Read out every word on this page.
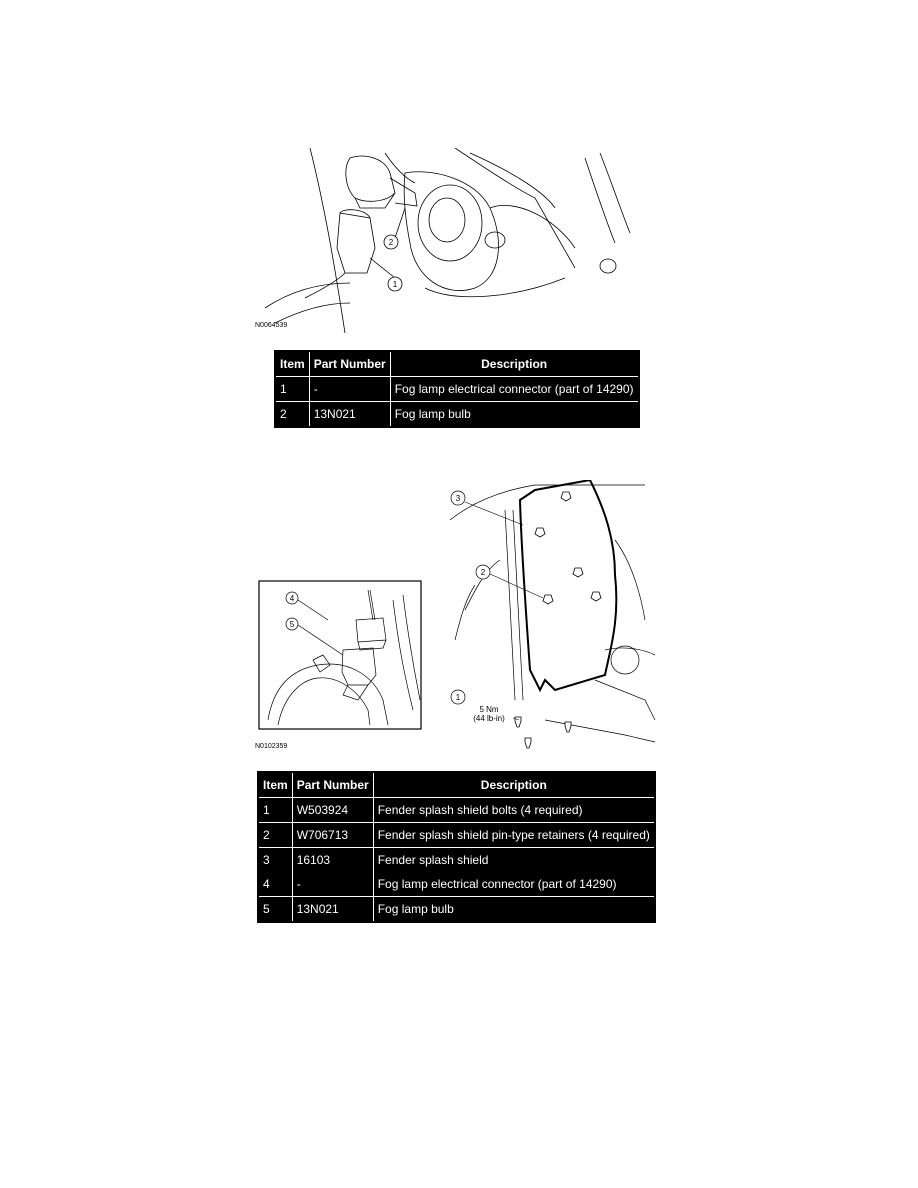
2
1
N0064539
Item	Part Number	Description
1	-	Fog lamp electrical connector (part of 14290)
2	13N021	Fog lamp bulb
4
5
3
2
1
5 Nm
(44 lb-in)
N0102359
Item	Part Number	Description
1	W503924	Fender splash shield bolts (4 required)
2	W706713	Fender splash shield pin-type retainers (4 required)
3	16103	Fender splash shield
4	-	Fog lamp electrical connector (part of 14290)
5	13N021	Fog lamp bulb
